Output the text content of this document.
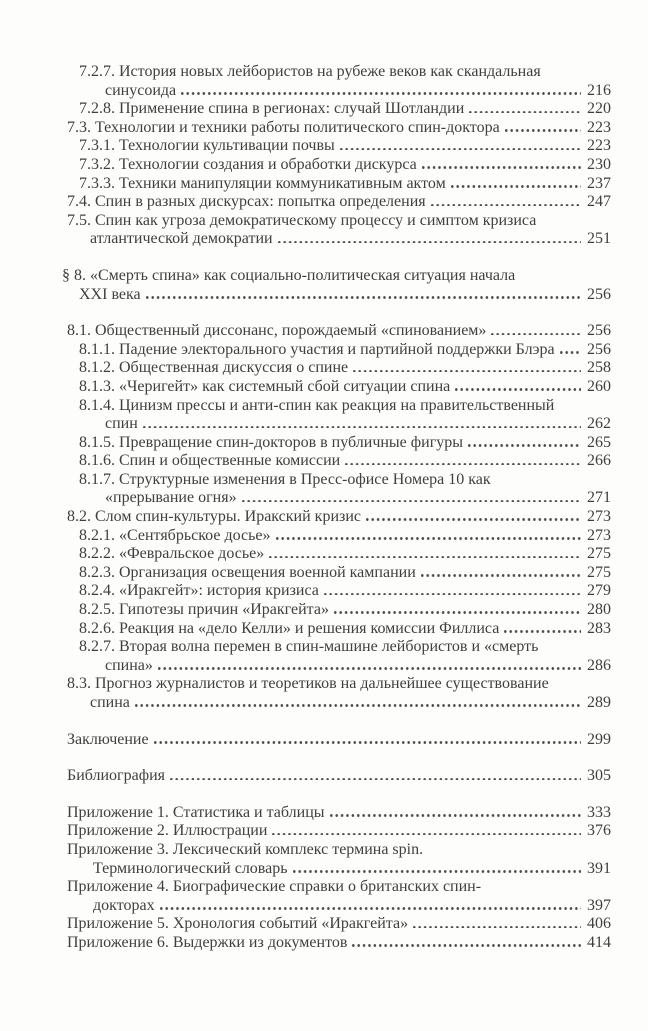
7.2.7. История новых лейбористов на рубеже веков как скандальная
синусоида	216
7.2.8. Применение спина в регионах: случай Шотландии	220
7.3. Технологии и техники работы политического спин-доктора	223
7.3.1. Технологии культивации почвы	223
7.3.2. Технологии создания и обработки дискурса	230
7.3.3. Техники манипуляции коммуникативным актом	237
7.4. Спин в разных дискурсах: попытка определения	247
7.5. Спин как угроза демократическому процессу и симптом кризиса
атлантической демократии	251
§ 8. «Смерть спина» как социально-политическая ситуация начала
XXI века	256
8.1. Общественный диссонанс, порождаемый «спинованием»	256
8.1.1. Падение электорального участия и партийной поддержки Блэра 256
8.1.2. Общественная дискуссия о спине	258
8.1.3. «Черигейт» как системный сбой ситуации спина	260
8.1.4. Цинизм прессы и анти-спин как реакция на правительственный
спин	262
8.1.5. Превращение спин-докторов в публичные фигуры	265
8.1.6. Спин и общественные комиссии	266
8.1.7. Структурные изменения в Пресс-офисе Номера 10 как
«прерывание огня»	271
8.2. Слом спин-культуры. Иракский кризис	273
8.2.1. «Сентябрьское досье»	273
8.2.2. «Февральское досье»	275
8.2.3. Организация освещения военной кампании	275
8.2.4. «Иракгейт»: история кризиса	279
8.2.5. Гипотезы причин «Иракгейта»	280
8.2.6. Реакция на «дело Келли» и решения комиссии Филлиса	283
8.2.7. Вторая волна перемен в спин-машине лейбористов и «смерть
спина»	286
8.3. Прогноз журналистов и теоретиков на дальнейшее существование
спина	289
Заключение	299
Библиография	305
Приложение 1. Статистика и таблицы	333
Приложение 2. Иллюстрации	376
Приложение 3. Лексический комплекс термина spin.
Терминологический словарь	391
Приложение 4. Биографические справки о британских спин-
докторах	397
Приложение 5. Хронология событий «Иракгейта»	406
Приложение 6. Выдержки из документов	414
